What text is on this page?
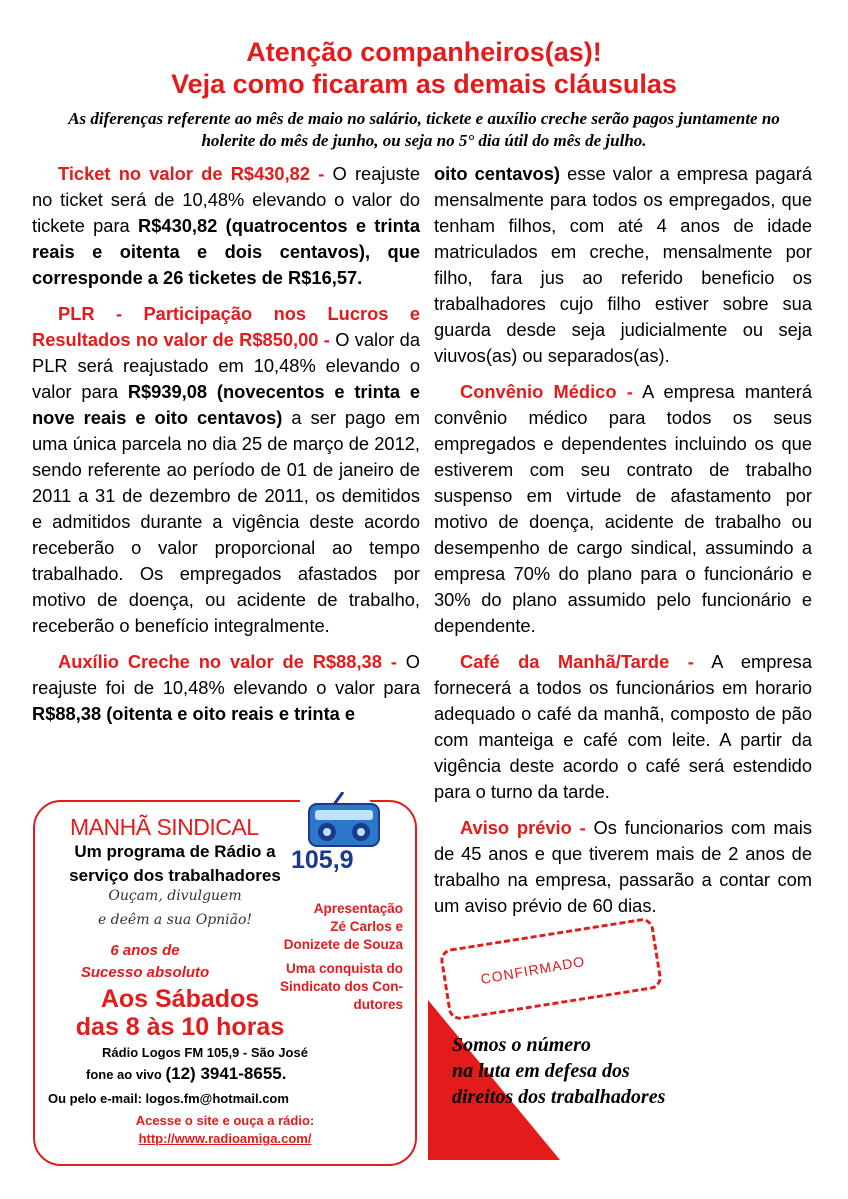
Atenção companheiros(as)!
Veja como ficaram as demais cláusulas
As diferenças referente ao mês de maio no salário, tickete e auxílio creche serão pagos juntamente no holerite do mês de junho, ou seja no 5° dia útil do mês de julho.

Ticket no valor de R$430,82 - O reajuste no ticket será de 10,48% elevando o valor do tickete para R$430,82 (quatrocentos e trinta reais e oitenta e dois centavos), que corresponde a 26 ticketes de R$16,57.

PLR - Participação nos Lucros e Resultados no valor de R$850,00 - O valor da PLR será reajustado em 10,48% elevando o valor para R$939,08 (novecentos e trinta e nove reais e oito centavos) a ser pago em uma única parcela no dia 25 de março de 2012, sendo referente ao período de 01 de janeiro de 2011 a 31 de dezembro de 2011, os demitidos e admitidos durante a vigência deste acordo receberão o valor proporcional ao tempo trabalhado. Os empregados afastados por motivo de doença, ou acidente de trabalho, receberão o benefício integralmente.

Auxílio Creche no valor de R$88,38 - O reajuste foi de 10,48% elevando o valor para R$88,38 (oitenta e oito reais e trinta e

oito centavos) esse valor a empresa pagará mensalmente para todos os empregados, que tenham filhos, com até 4 anos de idade matriculados em creche, mensalmente por filho, fara jus ao referido beneficio os trabalhadores cujo filho estiver sobre sua guarda desde seja judicialmente ou seja viuvos(as) ou separados(as).

Convênio Médico - A empresa manterá convênio médico para todos os seus empregados e dependentes incluindo os que estiverem com seu contrato de trabalho suspenso em virtude de afastamento por motivo de doença, acidente de trabalho ou desempenho de cargo sindical, assumindo a empresa 70% do plano para o funcionário e 30% do plano assumido pelo funcionário e dependente.

Café da Manhã/Tarde - A empresa fornecerá a todos os funcionários em horario adequado o café da manhã, composto de pão com manteiga e café com leite. A partir da vigência deste acordo o café será estendido para o turno da tarde.

Aviso prévio - Os funcionarios com mais de 45 anos e que tiverem mais de 2 anos de trabalho na empresa, passarão a contar com um aviso prévio de 60 dias.

105,9
MANHÃ SINDICAL
Um programa de Rádio a
serviço dos trabalhadores
Ouçam, divulguem
e deêm a sua Opnião!
Apresentação
Zé Carlos e
Donizete de Souza
6 anos de
Sucesso absoluto	Uma conquista do
Sindicato dos Con-
dutores
Aos Sábados
das 8 às 10 horas
Rádio Logos FM 105,9 - São José
fone ao vivo (12) 3941-8655.
Ou pelo e-mail: logos.fm@hotmail.com
Acesse o site e ouça a rádio:
http://www.radioamiga.com/
CONFIRMADO
Somos o número
na luta em defesa dos
direitos dos trabalhadores
